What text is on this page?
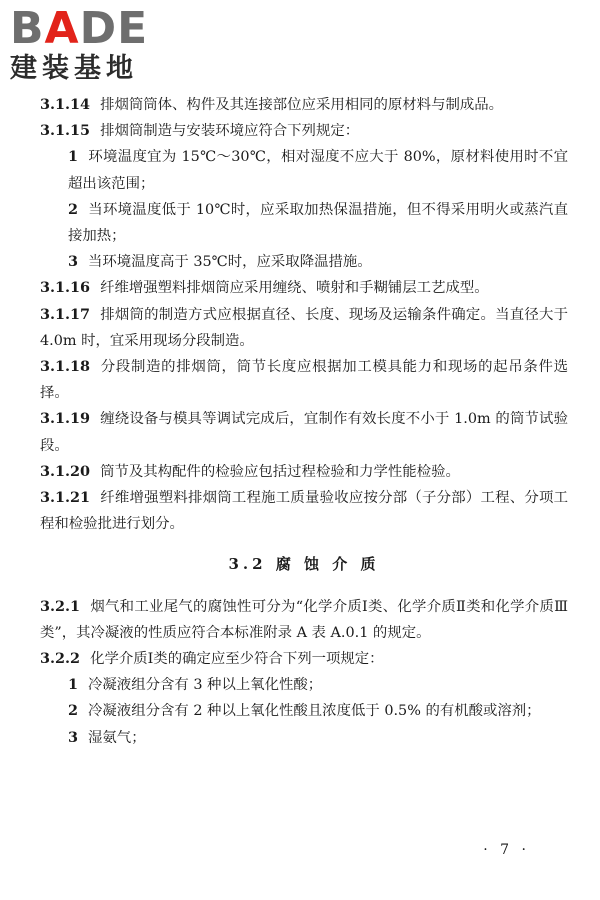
BADE
建装基地

3.1.14 排烟筒筒体、构件及其连接部位应采用相同的原材料与制成品。

3.1.15 排烟筒制造与安装环境应符合下列规定：

1 环境温度宜为 15℃～30℃，相对湿度不应大于 80%，原材料使用时不宜超出该范围；

2 当环境温度低于 10℃时，应采取加热保温措施，但不得采用明火或蒸汽直接加热；

3 当环境温度高于 35℃时，应采取降温措施。

3.1.16 纤维增强塑料排烟筒应采用缠绕、喷射和手糊铺层工艺成型。

3.1.17 排烟筒的制造方式应根据直径、长度、现场及运输条件确定。当直径大于 4.0m 时，宜采用现场分段制造。

3.1.18 分段制造的排烟筒，筒节长度应根据加工模具能力和现场的起吊条件选择。

3.1.19 缠绕设备与模具等调试完成后，宜制作有效长度不小于 1.0m 的筒节试验段。

3.1.20 筒节及其构配件的检验应包括过程检验和力学性能检验。

3.1.21 纤维增强塑料排烟筒工程施工质量验收应按分部（子分部）工程、分项工程和检验批进行划分。

3.2 腐 蚀 介 质

3.2.1 烟气和工业尾气的腐蚀性可分为“化学介质Ⅰ类、化学介质Ⅱ类和化学介质Ⅲ类”，其冷凝液的性质应符合本标准附录 A 表 A.0.1 的规定。

3.2.2 化学介质Ⅰ类的确定应至少符合下列一项规定：

1 冷凝液组分含有 3 种以上氧化性酸；

2 冷凝液组分含有 2 种以上氧化性酸且浓度低于 0.5% 的有机酸或溶剂；

3 湿氨气；

· 7 ·
